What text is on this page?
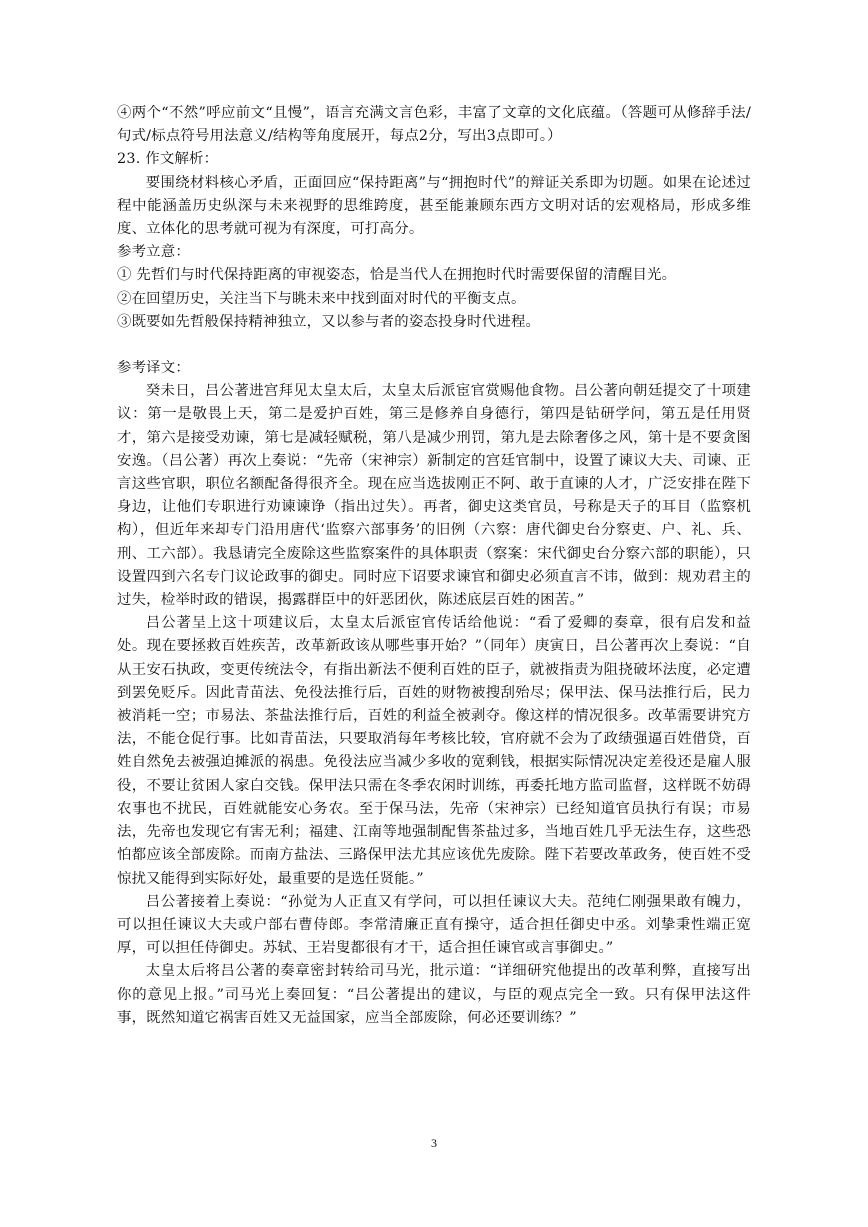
④两个“不然”呼应前文“且慢”，语言充满文言色彩，丰富了文章的文化底蕴。（答题可从修辞手法/句式/标点符号用法意义/结构等角度展开，每点2分，写出3点即可。）

23. 作文解析：

要围绕材料核心矛盾，正面回应“保持距离”与“拥抱时代”的辩证关系即为切题。如果在论述过程中能涵盖历史纵深与未来视野的思维跨度，甚至能兼顾东西方文明对话的宏观格局，形成多维度、立体化的思考就可视为有深度，可打高分。

参考立意：

① 先哲们与时代保持距离的审视姿态，恰是当代人在拥抱时代时需要保留的清醒目光。

②在回望历史，关注当下与眺未来中找到面对时代的平衡支点。

③既要如先哲般保持精神独立，又以参与者的姿态投身时代进程。

参考译文：

癸未日，吕公著进宫拜见太皇太后，太皇太后派宦官赏赐他食物。吕公著向朝廷提交了十项建议：第一是敬畏上天，第二是爱护百姓，第三是修养自身德行，第四是钻研学问，第五是任用贤才，第六是接受劝谏，第七是减轻赋税，第八是减少刑罚，第九是去除奢侈之风，第十是不要贪图安逸。（吕公著）再次上奏说：“先帝（宋神宗）新制定的宫廷官制中，设置了谏议大夫、司谏、正言这些官职，职位名额配备得很齐全。现在应当选拔刚正不阿、敢于直谏的人才，广泛安排在陛下身边，让他们专职进行劝谏谏诤（指出过失）。再者，御史这类官员，号称是天子的耳目（监察机构），但近年来却专门沿用唐代‘监察六部事务’的旧例（六察：唐代御史台分察吏、户、礼、兵、刑、工六部）。我恳请完全废除这些监察案件的具体职责（察案：宋代御史台分察六部的职能），只设置四到六名专门议论政事的御史。同时应下诏要求谏官和御史必须直言不讳，做到：规劝君主的过失，检举时政的错误，揭露群臣中的奸恶团伙，陈述底层百姓的困苦。”

吕公著呈上这十项建议后，太皇太后派宦官传话给他说：“看了爱卿的奏章，很有启发和益处。现在要拯救百姓疾苦，改革新政该从哪些事开始？”（同年）庚寅日，吕公著再次上奏说：“自从王安石执政，变更传统法令，有指出新法不便利百姓的臣子，就被指责为阻挠破坏法度，必定遭到罢免贬斥。因此青苗法、免役法推行后，百姓的财物被搜刮殆尽；保甲法、保马法推行后，民力被消耗一空；市易法、茶盐法推行后，百姓的利益全被剥夺。像这样的情况很多。改革需要讲究方法，不能仓促行事。比如青苗法，只要取消每年考核比较，官府就不会为了政绩强逼百姓借贷，百姓自然免去被强迫摊派的祸患。免役法应当减少多收的宽剩钱，根据实际情况决定差役还是雇人服役，不要让贫困人家白交钱。保甲法只需在冬季农闲时训练，再委托地方监司监督，这样既不妨碍农事也不扰民，百姓就能安心务农。至于保马法，先帝（宋神宗）已经知道官员执行有误；市易法，先帝也发现它有害无利；福建、江南等地强制配售茶盐过多，当地百姓几乎无法生存，这些恐怕都应该全部废除。而南方盐法、三路保甲法尤其应该优先废除。陛下若要改革政务，使百姓不受惊扰又能得到实际好处，最重要的是选任贤能。”

吕公著接着上奏说：“孙觉为人正直又有学问，可以担任谏议大夫。范纯仁刚强果敢有魄力，可以担任谏议大夫或户部右曹侍郎。李常清廉正直有操守，适合担任御史中丞。刘挚秉性端正宽厚，可以担任侍御史。苏轼、王岩叟都很有才干，适合担任谏官或言事御史。”

太皇太后将吕公著的奏章密封转给司马光，批示道：“详细研究他提出的改革利弊，直接写出你的意见上报。”司马光上奏回复：“吕公著提出的建议，与臣的观点完全一致。只有保甲法这件事，既然知道它祸害百姓又无益国家，应当全部废除，何必还要训练？”

3
